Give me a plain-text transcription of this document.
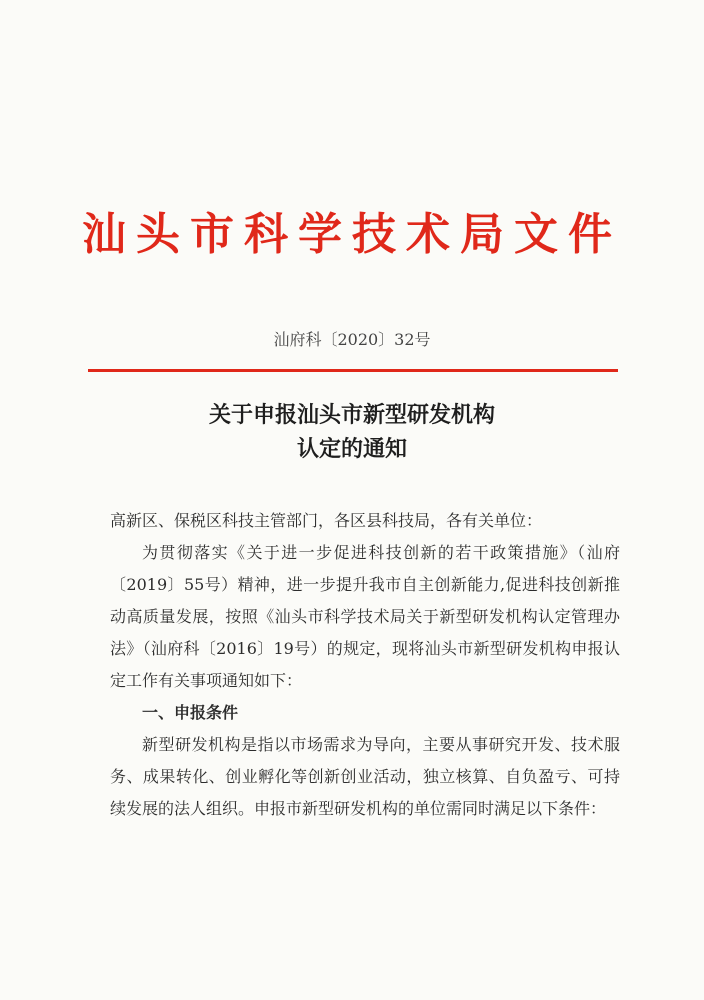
汕头市科学技术局文件
汕府科〔2020〕32号
关于申报汕头市新型研发机构
认定的通知

高新区、保税区科技主管部门，各区县科技局，各有关单位：

为贯彻落实《关于进一步促进科技创新的若干政策措施》（汕府〔2019〕55号）精神，进一步提升我市自主创新能力,促进科技创新推动高质量发展，按照《汕头市科学技术局关于新型研发机构认定管理办法》（汕府科〔2016〕19号）的规定，现将汕头市新型研发机构申报认定工作有关事项通知如下：

一、申报条件

新型研发机构是指以市场需求为导向，主要从事研究开发、技术服务、成果转化、创业孵化等创新创业活动，独立核算、自负盈亏、可持续发展的法人组织。申报市新型研发机构的单位需同时满足以下条件：
